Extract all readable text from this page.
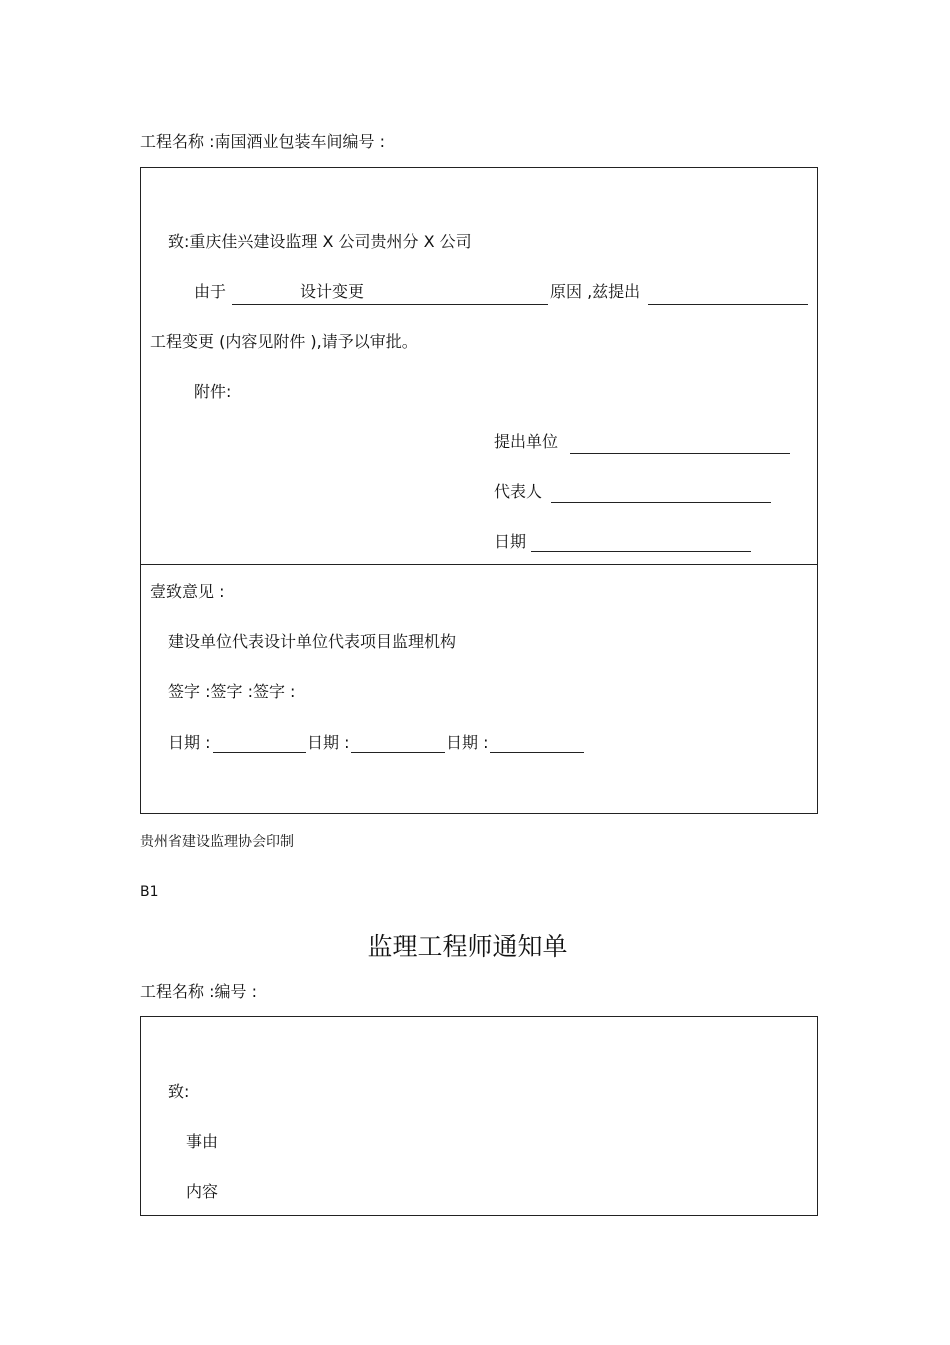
工程名称 :南国酒业包装车间编号 :
致:重庆佳兴建设监理 X 公司贵州分 X 公司
由于	设计变更	原因 ,兹提出
工程变更 (内容见附件 ),请予以审批。
附件:
提出单位
代表人
日期
壹致意见 :
建设单位代表设计单位代表项目监理机构
签字 :签字 :签字 :
日期 :	日期 :	日期 :
贵州省建设监理协会印制
B1
监理工程师通知单
工程名称 :编号 :
致:
事由
内容
